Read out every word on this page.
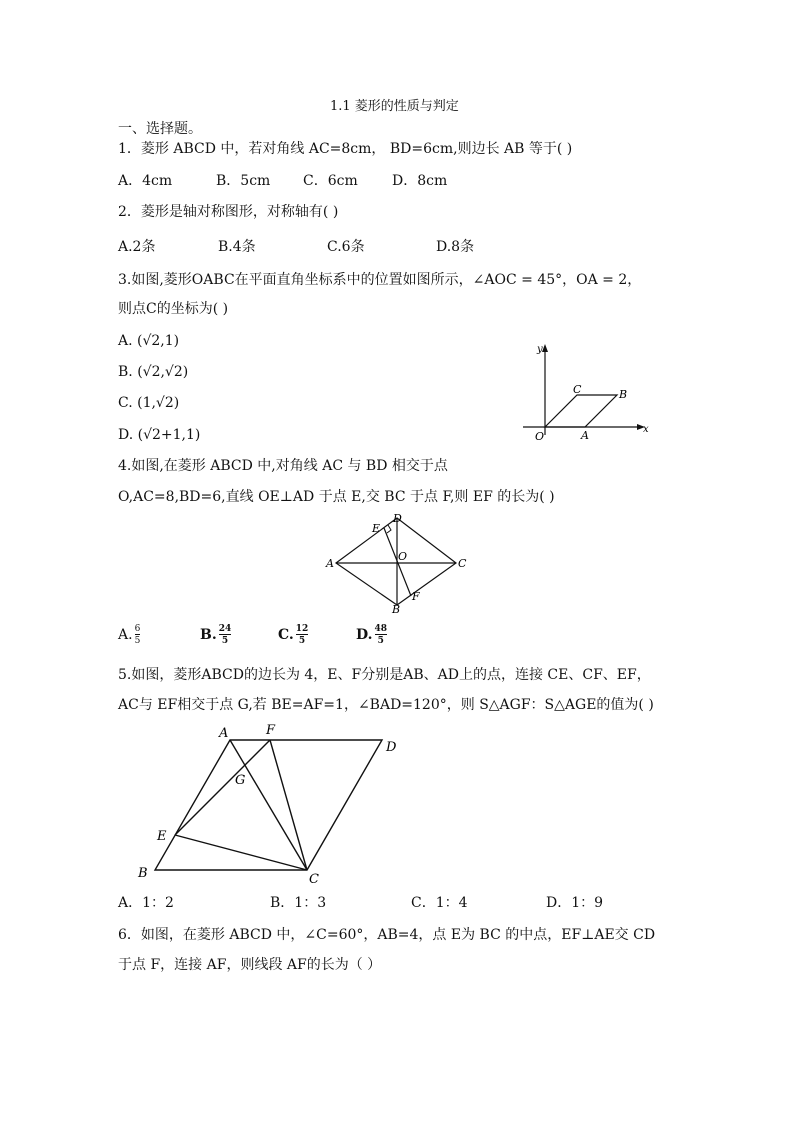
1.1 菱形的性质与判定
一、选择题。
1．菱形 ABCD 中，若对角线 AC=8cm， BD=6cm,则边长 AB 等于( )
A．4cm	B．5cm C．6cm D．8cm
2．菱形是轴对称图形，对称轴有( )
A.2条	B.4条	C.6条	D.8条
3.如图,菱形OABC在平面直角坐标系中的位置如图所示，∠AOC = 45°，OA = 2，
则点C的坐标为( )
A. (√2,1)
B. (√2,√2)
C. (1,√2)
D. (√2+1,1)
y
C	B
O	A	x
4.如图,在菱形 ABCD 中,对角线 AC 与 BD 相交于点
O,AC=8,BD=6,直线 OE⊥AD 于点 E,交 BC 于点 F,则 EF 的长为( )
E
D
A
O
C
F
B
A. $\frac{6}{5}$	B. $\frac{24}{5}$	C. $\frac{12}{5}$	D. $\frac{48}{5}$
5.如图，菱形ABCD的边长为 4，E、F分别是AB、AD上的点，连接 CE、CF、EF，
AC与 EF相交于点 G,若 BE=AF=1，∠BAD=120°，则 S△AGF：S△AGE的值为( )
A	F
D
G
E
B	C
A．1：2	B．1：3	C．1：4	D．1：9
6．如图，在菱形 ABCD 中，∠C=60°，AB=4，点 E为 BC 的中点，EF⊥AE交 CD
于点 F，连接 AF，则线段 AF的长为（ ）
